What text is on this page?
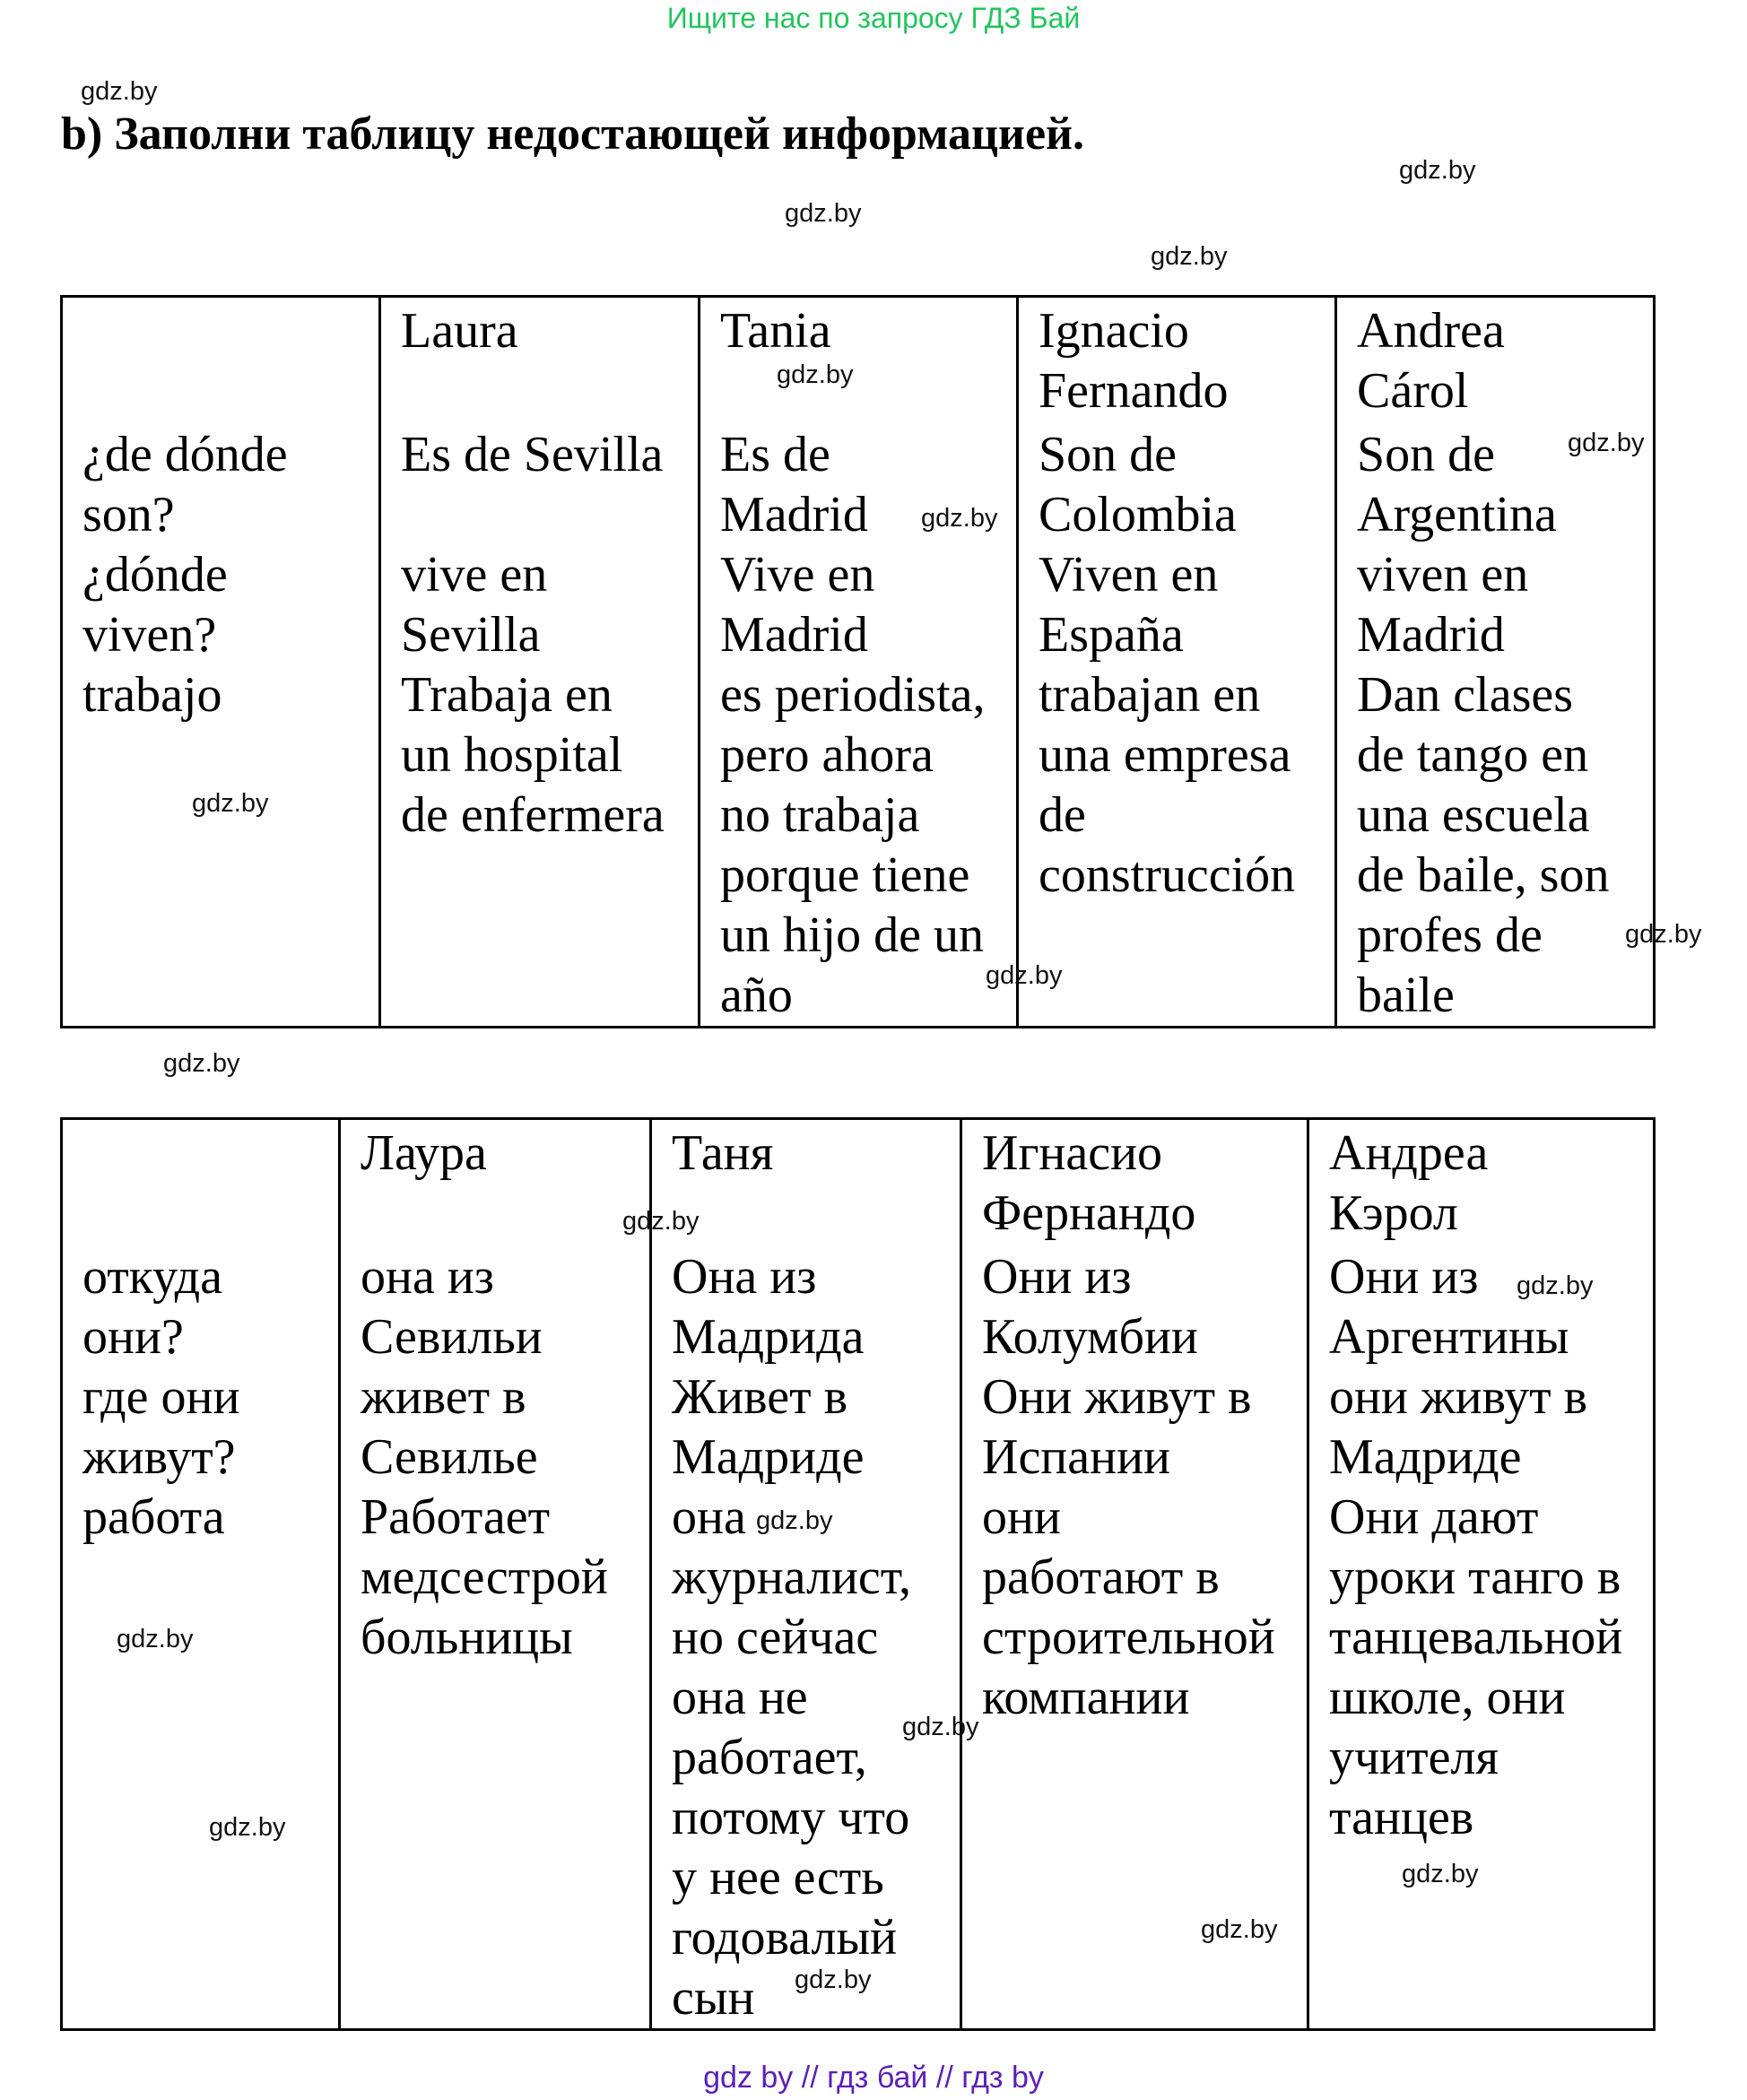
Ищите нас по запросу ГДЗ Бай
b) Заполни таблицу недостающей информацией.
¿de dónde
son?
¿dónde
viven?
trabajo

Laura
Es de Sevilla

vive en
Sevilla
Trabaja en
un hospital
de enfermera

Tania
Es de
Madrid
Vive en
Madrid
es periodista,
pero ahora
no trabaja
porque tiene
un hijo de un
año

Ignacio
Fernando
Son de
Colombia
Viven en
España
trabajan en
una empresa
de
construcción

Andrea
Cárol
Son de
Argentina
viven en
Madrid
Dan clases
de tango en
una escuela
de baile, son
profes de
baile
откуда
они?
где они
живут?
работа

Лаура
она из
Севильи
живет в
Севилье
Работает
медсестрой
больницы

Таня
Она из
Мадрида
Живет в
Мадриде
она
журналист,
но сейчас
она не
работает,
потому что
у нее есть
годовалый
сын

Игнасио
Фернандо
Они из
Колумбии
Они живут в
Испании
они
работают в
строительной
компании

Андреа
Кэрол
Они из
Аргентины
они живут в
Мадриде
Они дают
уроки танго в
танцевальной
школе, они
учителя
танцев
gdz.by
gdz.by
gdz.by
gdz.by
gdz.by
gdz.by
gdz.by
gdz.by
gdz.by
gdz.by
gdz.by
gdz.by
gdz.by
gdz.by
gdz.by
gdz.by
gdz.by
gdz.by
gdz.by
gdz.by
gdz by // гдз бай // гдз by
